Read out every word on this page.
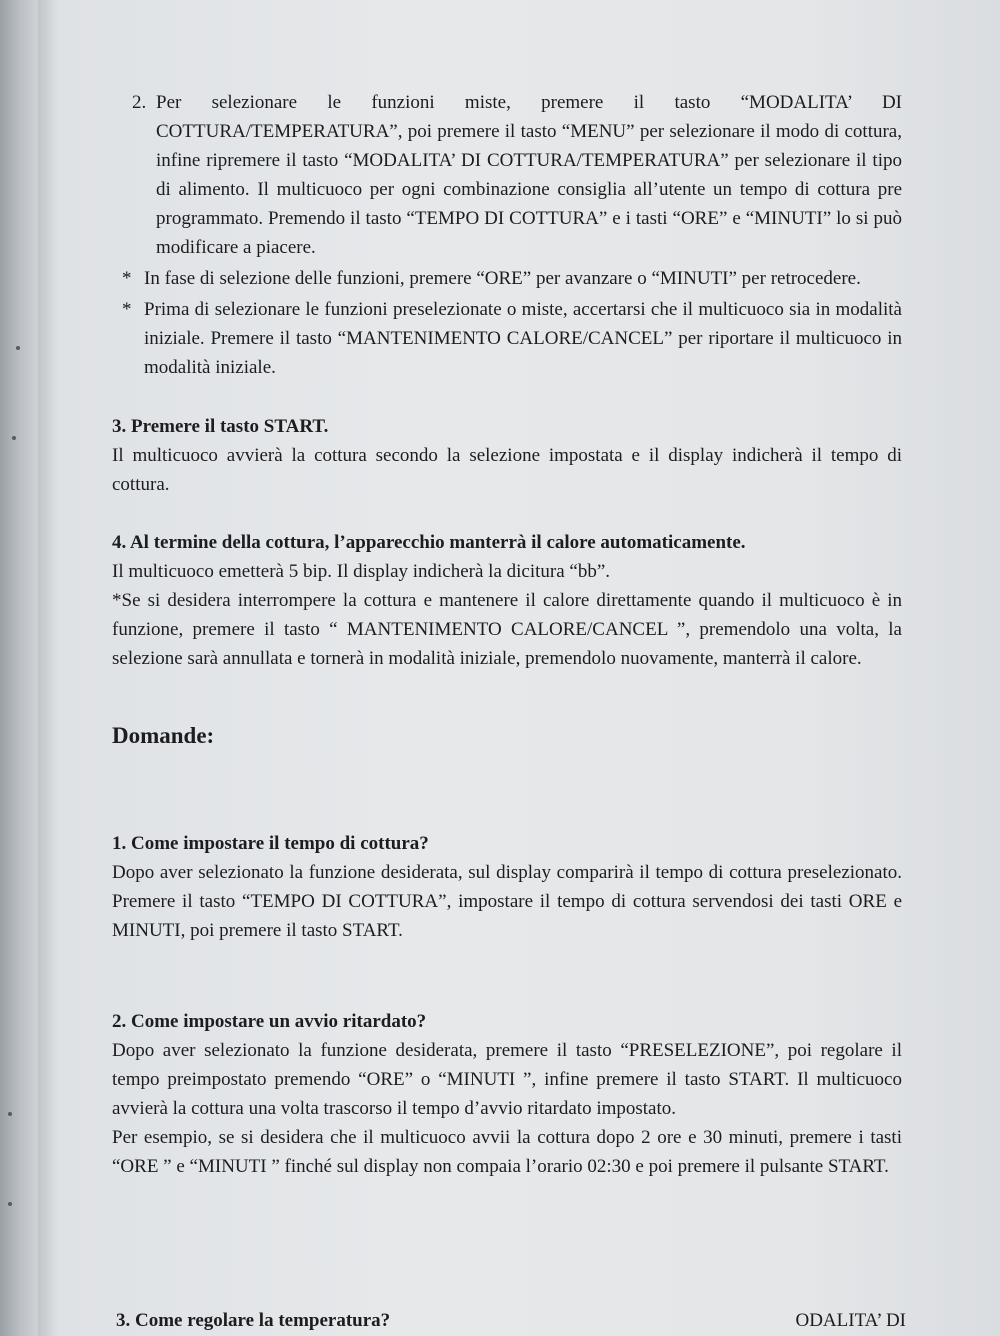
2. Per selezionare le funzioni miste, premere il tasto “MODALITA’ DI COTTURA/TEMPERATURA”, poi premere il tasto “MENU” per selezionare il modo di cottura, infine ripremere il tasto “MODALITA’ DI COTTURA/TEMPERATURA” per selezionare il tipo di alimento. Il multicuoco per ogni combinazione consiglia all’utente un tempo di cottura pre programmato. Premendo il tasto “TEMPO DI COTTURA” e i tasti “ORE” e “MINUTI” lo si può modificare a piacere.

* In fase di selezione delle funzioni, premere “ORE” per avanzare o “MINUTI” per retrocedere.

* Prima di selezionare le funzioni preselezionate o miste, accertarsi che il multicuoco sia in modalità iniziale. Premere il tasto “MANTENIMENTO CALORE/CANCEL” per riportare il multicuoco in modalità iniziale.

3. Premere il tasto START.

Il multicuoco avvierà la cottura secondo la selezione impostata e il display indicherà il tempo di cottura.

4. Al termine della cottura, l’apparecchio manterrà il calore automaticamente.

Il multicuoco emetterà 5 bip. Il display indicherà la dicitura “bb”.

*Se si desidera interrompere la cottura e mantenere il calore direttamente quando il multicuoco è in funzione, premere il tasto “ MANTENIMENTO CALORE/CANCEL ”, premendolo una volta, la selezione sarà annullata e tornerà in modalità iniziale, premendolo nuovamente, manterrà il calore.

Domande:

1. Come impostare il tempo di cottura?

Dopo aver selezionato la funzione desiderata, sul display comparirà il tempo di cottura preselezionato. Premere il tasto “TEMPO DI COTTURA”, impostare il tempo di cottura servendosi dei tasti ORE e MINUTI, poi premere il tasto START.

2. Come impostare un avvio ritardato?

Dopo aver selezionato la funzione desiderata, premere il tasto “PRESELEZIONE”, poi regolare il tempo preimpostato premendo “ORE” o “MINUTI ”, infine premere il tasto START. Il multicuoco avvierà la cottura una volta trascorso il tempo d’avvio ritardato impostato.

Per esempio, se si desidera che il multicuoco avvii la cottura dopo 2 ore e 30 minuti, premere i tasti “ORE ” e “MINUTI ” finché sul display non compaia l’orario 02:30 e poi premere il pulsante START.

3. Come regolare la temperatura?	ODALITA’ DI
